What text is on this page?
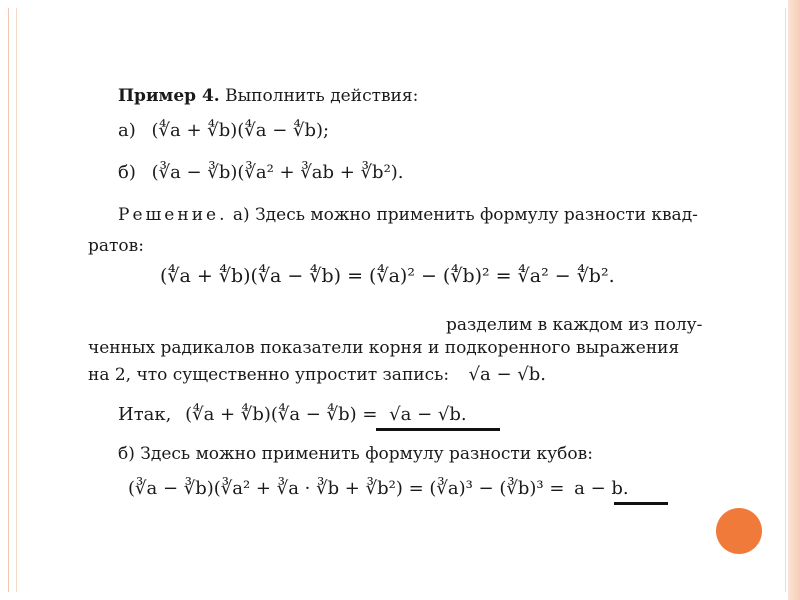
Пример 4. Выполнить действия:
а) (∜a + ∜b)(∜a − ∜b);
б) (∛a − ∛b)(∛a² + ∛ab + ∛b²).
Решение. а) Здесь можно применить формулу разности квад-
ратов:
(∜a + ∜b)(∜a − ∜b) = (∜a)² − (∜b)² = ∜a² − ∜b².
разделим в каждом из полу-
ченных радикалов показатели корня и подкоренного выражения
на 2, что существенно упростит запись: √a − √b.
Итак, (∜a + ∜b)(∜a − ∜b) = √a − √b.
б) Здесь можно применить формулу разности кубов:
(∛a − ∛b)(∛a² + ∛a · ∛b + ∛b²) = (∛a)³ − (∛b)³ = a − b.
